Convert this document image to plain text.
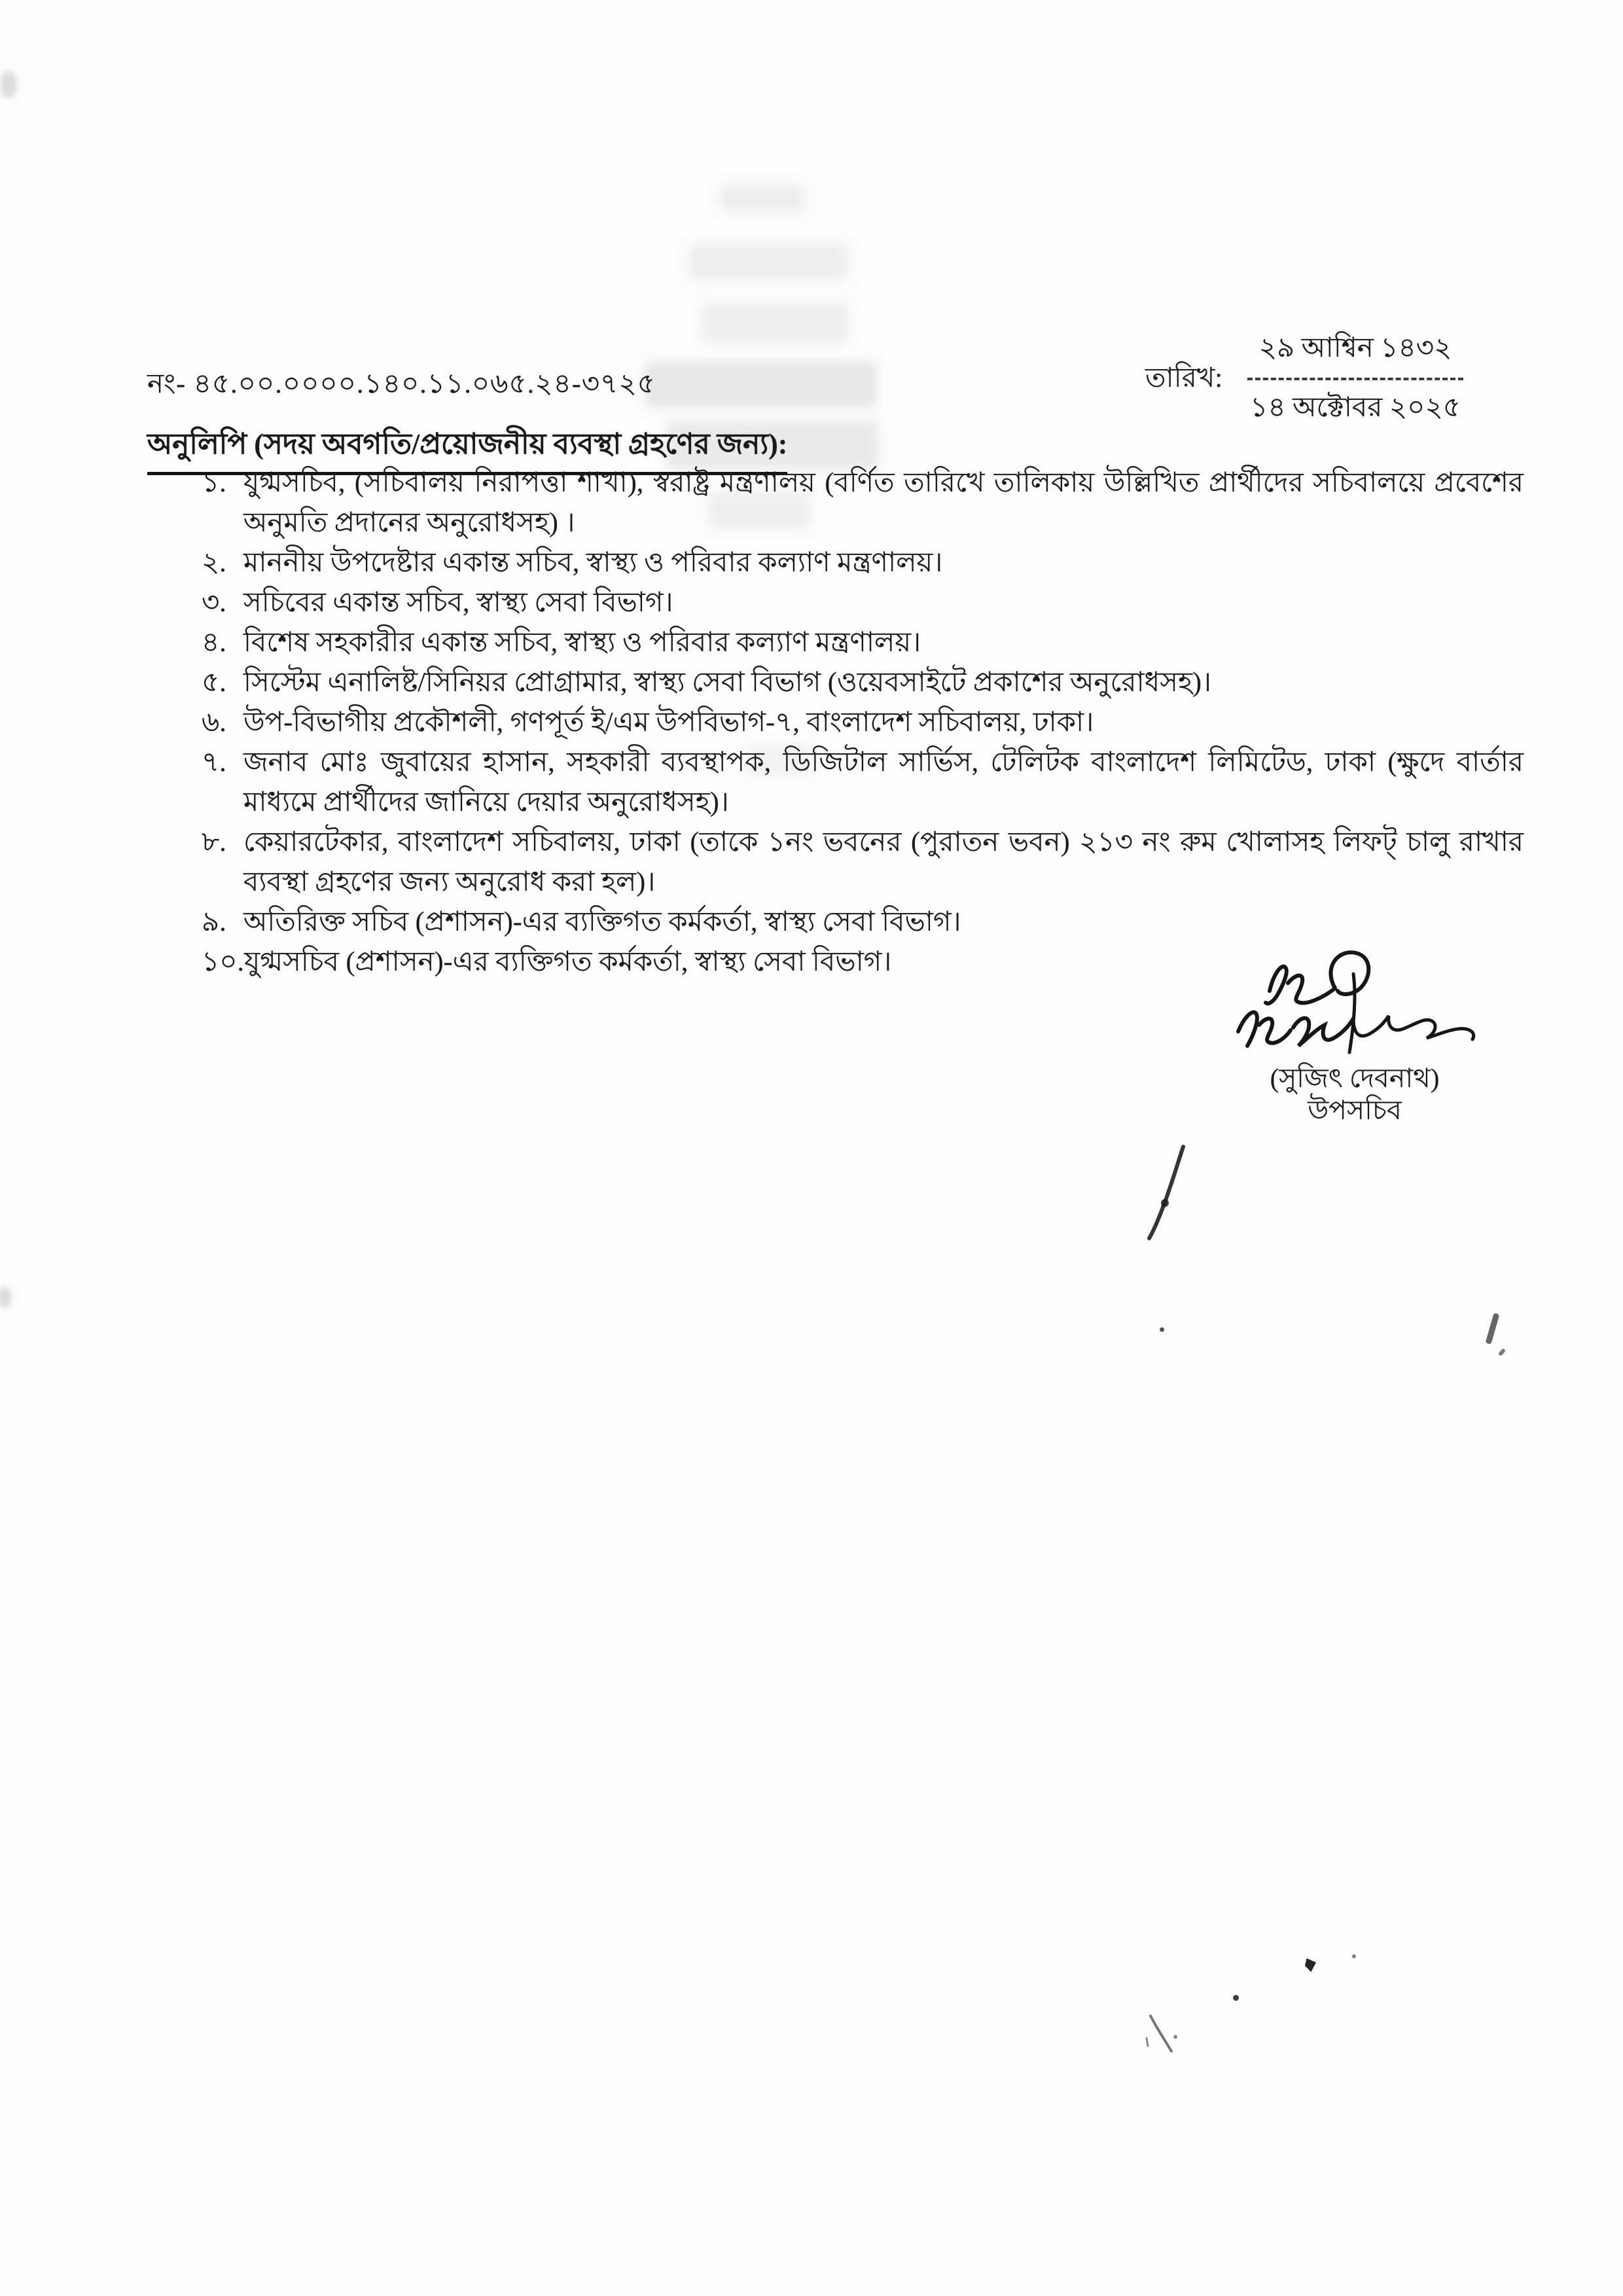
নং- ৪৫.০০.০০০০.১৪০.১১.০৬৫.২৪-৩৭২৫	তারিখ:
২৯ আশ্বিন ১৪৩২
১৪ অক্টোবর ২০২৫
অনুলিপি (সদয় অবগতি/প্রয়োজনীয় ব্যবস্থা গ্রহণের জন্য):
১. যুগ্মসচিব, (সচিবালয় নিরাপত্তা শাখা), স্বরাষ্ট্র মন্ত্রণালয় (বর্ণিত তারিখে তালিকায় উল্লিখিত প্রার্থীদের সচিবালয়ে প্রবেশের অনুমতি প্রদানের অনুরোধসহ) ।
২. মাননীয় উপদেষ্টার একান্ত সচিব, স্বাস্থ্য ও পরিবার কল্যাণ মন্ত্রণালয়।
৩. সচিবের একান্ত সচিব, স্বাস্থ্য সেবা বিভাগ।
৪. বিশেষ সহকারীর একান্ত সচিব, স্বাস্থ্য ও পরিবার কল্যাণ মন্ত্রণালয়।
৫. সিস্টেম এনালিষ্ট/সিনিয়র প্রোগ্রামার, স্বাস্থ্য সেবা বিভাগ (ওয়েবসাইটে প্রকাশের অনুরোধসহ)।
৬. উপ-বিভাগীয় প্রকৌশলী, গণপূর্ত ই/এম উপবিভাগ-৭, বাংলাদেশ সচিবালয়, ঢাকা।
৭. জনাব মোঃ জুবায়ের হাসান, সহকারী ব্যবস্থাপক, ডিজিটাল সার্ভিস, টেলিটক বাংলাদেশ লিমিটেড, ঢাকা (ক্ষুদে বার্তার মাধ্যমে প্রার্থীদের জানিয়ে দেয়ার অনুরোধসহ)।
৮. কেয়ারটেকার, বাংলাদেশ সচিবালয়, ঢাকা (তাকে ১নং ভবনের (পুরাতন ভবন) ২১৩ নং রুম খোলাসহ লিফট্ চালু রাখার ব্যবস্থা গ্রহণের জন্য অনুরোধ করা হল)।
৯. অতিরিক্ত সচিব (প্রশাসন)-এর ব্যক্তিগত কর্মকর্তা, স্বাস্থ্য সেবা বিভাগ।
১০. যুগ্মসচিব (প্রশাসন)-এর ব্যক্তিগত কর্মকর্তা, স্বাস্থ্য সেবা বিভাগ।
(সুজিৎ দেবনাথ)
উপসচিব
